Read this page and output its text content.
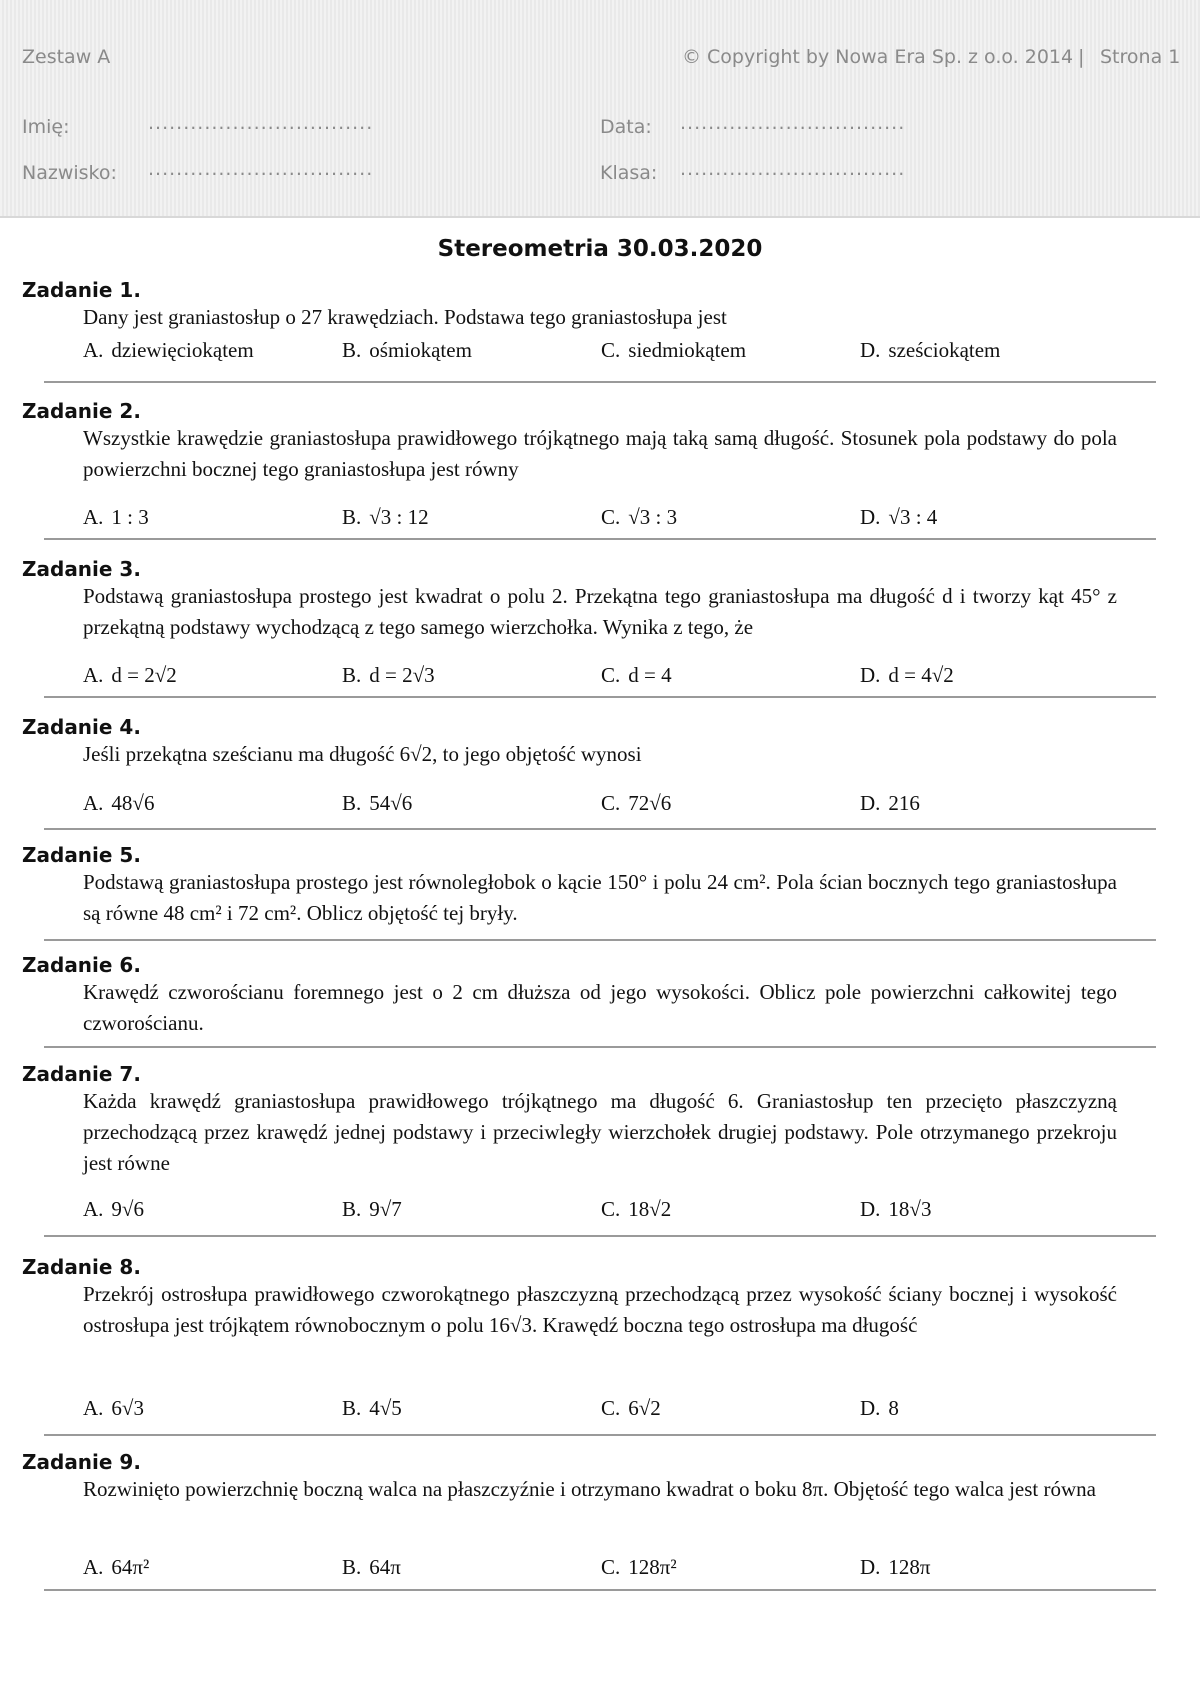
Zestaw A	© Copyright by Nowa Era Sp. z o.o. 2014 | Strona 1
Imię:	................................	Data: ................................
Nazwisko: ................................	Klasa: ................................
Stereometria 30.03.2020
Zadanie 1.
Dany jest graniastosłup o 27 krawędziach. Podstawa tego graniastosłupa jest
A. dziewięciokątem	B. ośmiokątem	C. siedmiokątem	D. sześciokątem
Zadanie 2.
Wszystkie krawędzie graniastosłupa prawidłowego trójkątnego mają taką samą długość. Stosunek pola podstawy do pola powierzchni bocznej tego graniastosłupa jest równy
A. 1 : 3	B. √3 : 12	C. √3 : 3	D. √3 : 4
Zadanie 3.
Podstawą graniastosłupa prostego jest kwadrat o polu 2. Przekątna tego graniastosłupa ma długość d i tworzy kąt 45° z przekątną podstawy wychodzącą z tego samego wierzchołka. Wynika z tego, że
A. d = 2√2	B. d = 2√3	C. d = 4	D. d = 4√2
Zadanie 4.
Jeśli przekątna sześcianu ma długość 6√2, to jego objętość wynosi
A. 48√6	B. 54√6	C. 72√6	D. 216
Zadanie 5.
Podstawą graniastosłupa prostego jest równoległobok o kącie 150° i polu 24 cm². Pola ścian bocznych tego graniastosłupa są równe 48 cm² i 72 cm². Oblicz objętość tej bryły.
Zadanie 6.
Krawędź czworościanu foremnego jest o 2 cm dłuższa od jego wysokości. Oblicz pole powierzchni całkowitej tego czworościanu.
Zadanie 7.
Każda krawędź graniastosłupa prawidłowego trójkątnego ma długość 6. Graniastosłup ten przecięto płaszczyzną przechodzącą przez krawędź jednej podstawy i przeciwległy wierzchołek drugiej podstawy. Pole otrzymanego przekroju jest równe
A. 9√6	B. 9√7	C. 18√2	D. 18√3
Zadanie 8.
Przekrój ostrosłupa prawidłowego czworokątnego płaszczyzną przechodzącą przez wysokość ściany bocznej i wysokość ostrosłupa jest trójkątem równobocznym o polu 16√3. Krawędź boczna tego ostrosłupa ma długość
A. 6√3	B. 4√5	C. 6√2	D. 8
Zadanie 9.
Rozwinięto powierzchnię boczną walca na płaszczyźnie i otrzymano kwadrat o boku 8π. Objętość tego walca jest równa
A. 64π²	B. 64π	C. 128π²	D. 128π
